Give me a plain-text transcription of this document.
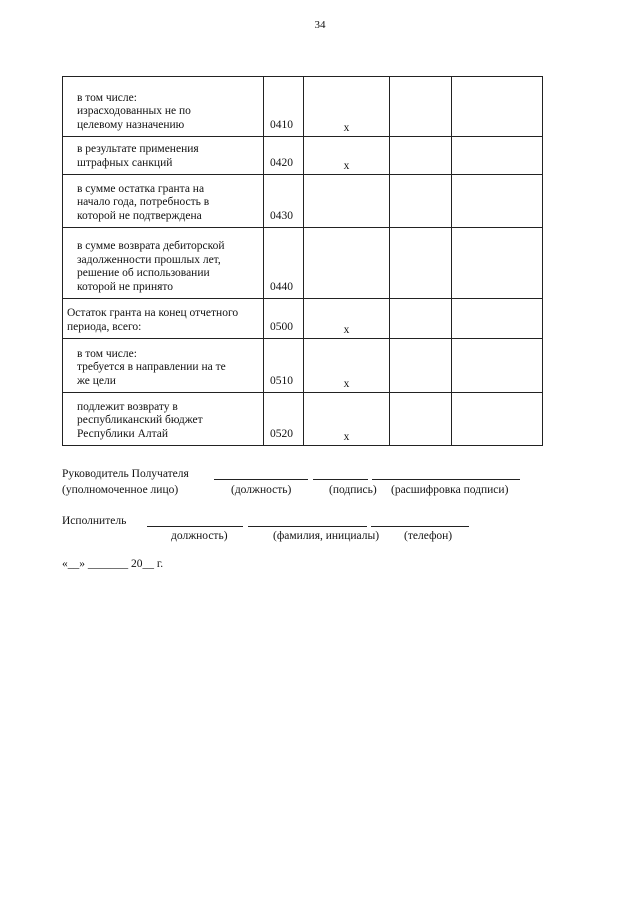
34
в том числе:
израсходованных не по
целевому назначению	0410	x		

в результате применения
штрафных санкций	0420	x		

в сумме остатка гранта на
начало года, потребность в
которой не подтверждена	0430			

в сумме возврата дебиторской
задолженности прошлых лет,
решение об использовании
которой не принято	0440			

Остаток гранта на конец отчетного
периода, всего:	0500	x		

в том числе:
требуется в направлении на те
же цели	0510	x		

подлежит возврату в
республиканский бюджет
Республики Алтай	0520	x		
Руководитель Получателя
(уполномоченное лицо)	(должность)	(подпись) (расшифровка подписи)
Исполнитель
должность)	(фамилия, инициалы) (телефон)
«__» _______ 20__ г.
